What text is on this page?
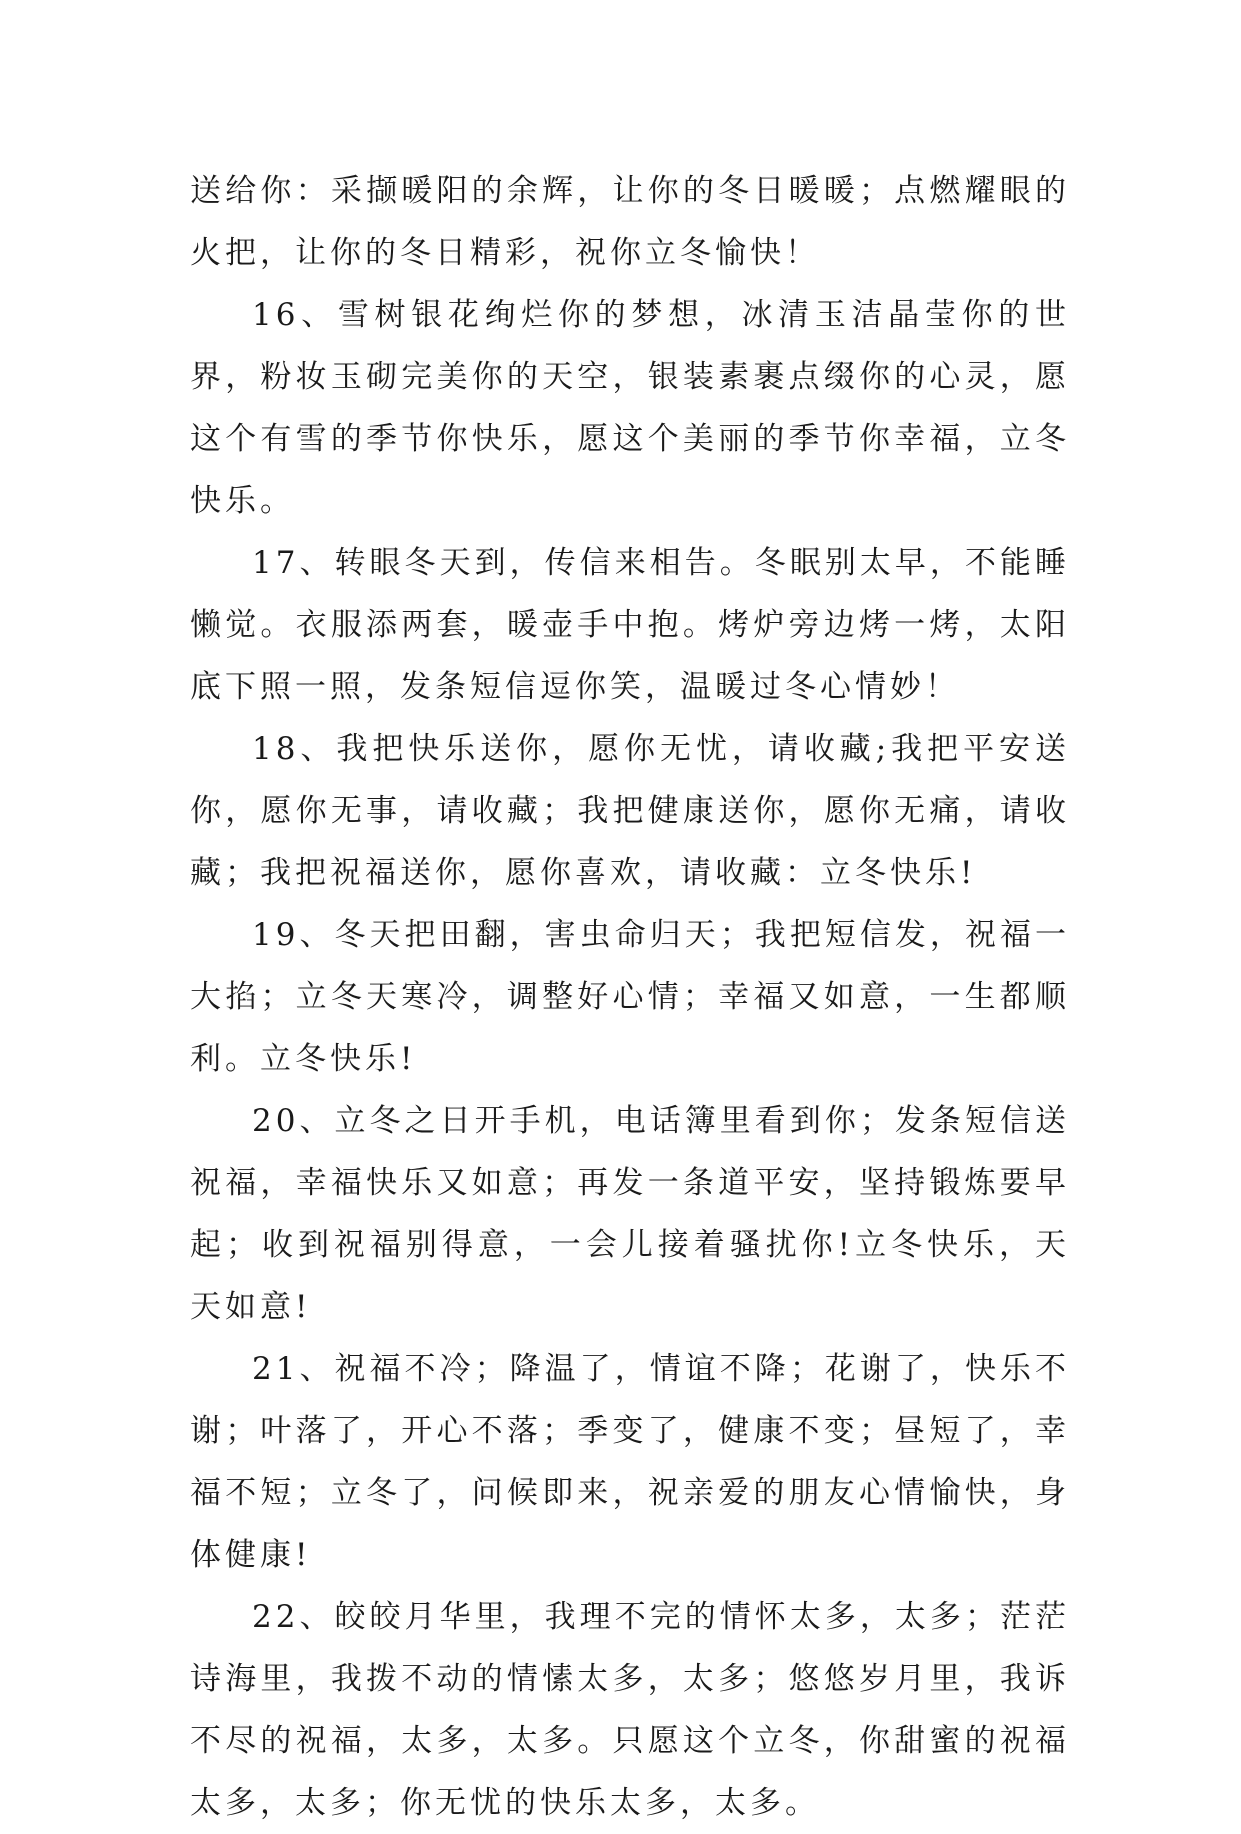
送给你：采撷暖阳的余辉，让你的冬日暖暖；点燃耀眼的火把，让你的冬日精彩，祝你立冬愉快！

16、雪树银花绚烂你的梦想，冰清玉洁晶莹你的世界，粉妆玉砌完美你的天空，银装素裹点缀你的心灵，愿这个有雪的季节你快乐，愿这个美丽的季节你幸福，立冬快乐。

17、转眼冬天到，传信来相告。冬眠别太早，不能睡懒觉。衣服添两套，暖壶手中抱。烤炉旁边烤一烤，太阳底下照一照，发条短信逗你笑，温暖过冬心情妙！

18、我把快乐送你，愿你无忧，请收藏;我把平安送你，愿你无事，请收藏；我把健康送你，愿你无痛，请收藏；我把祝福送你，愿你喜欢，请收藏：立冬快乐!

19、冬天把田翻，害虫命归天；我把短信发，祝福一大掐；立冬天寒冷，调整好心情；幸福又如意，一生都顺利。立冬快乐!

20、立冬之日开手机，电话簿里看到你；发条短信送祝福，幸福快乐又如意；再发一条道平安，坚持锻炼要早起；收到祝福别得意，一会儿接着骚扰你!立冬快乐，天天如意!

21、祝福不冷；降温了，情谊不降；花谢了，快乐不谢；叶落了，开心不落；季变了，健康不变；昼短了，幸福不短；立冬了，问候即来，祝亲爱的朋友心情愉快，身体健康!

22、皎皎月华里，我理不完的情怀太多，太多；茫茫诗海里，我拨不动的情愫太多，太多；悠悠岁月里，我诉不尽的祝福，太多，太多。只愿这个立冬，你甜蜜的祝福太多，太多；你无忧的快乐太多，太多。
